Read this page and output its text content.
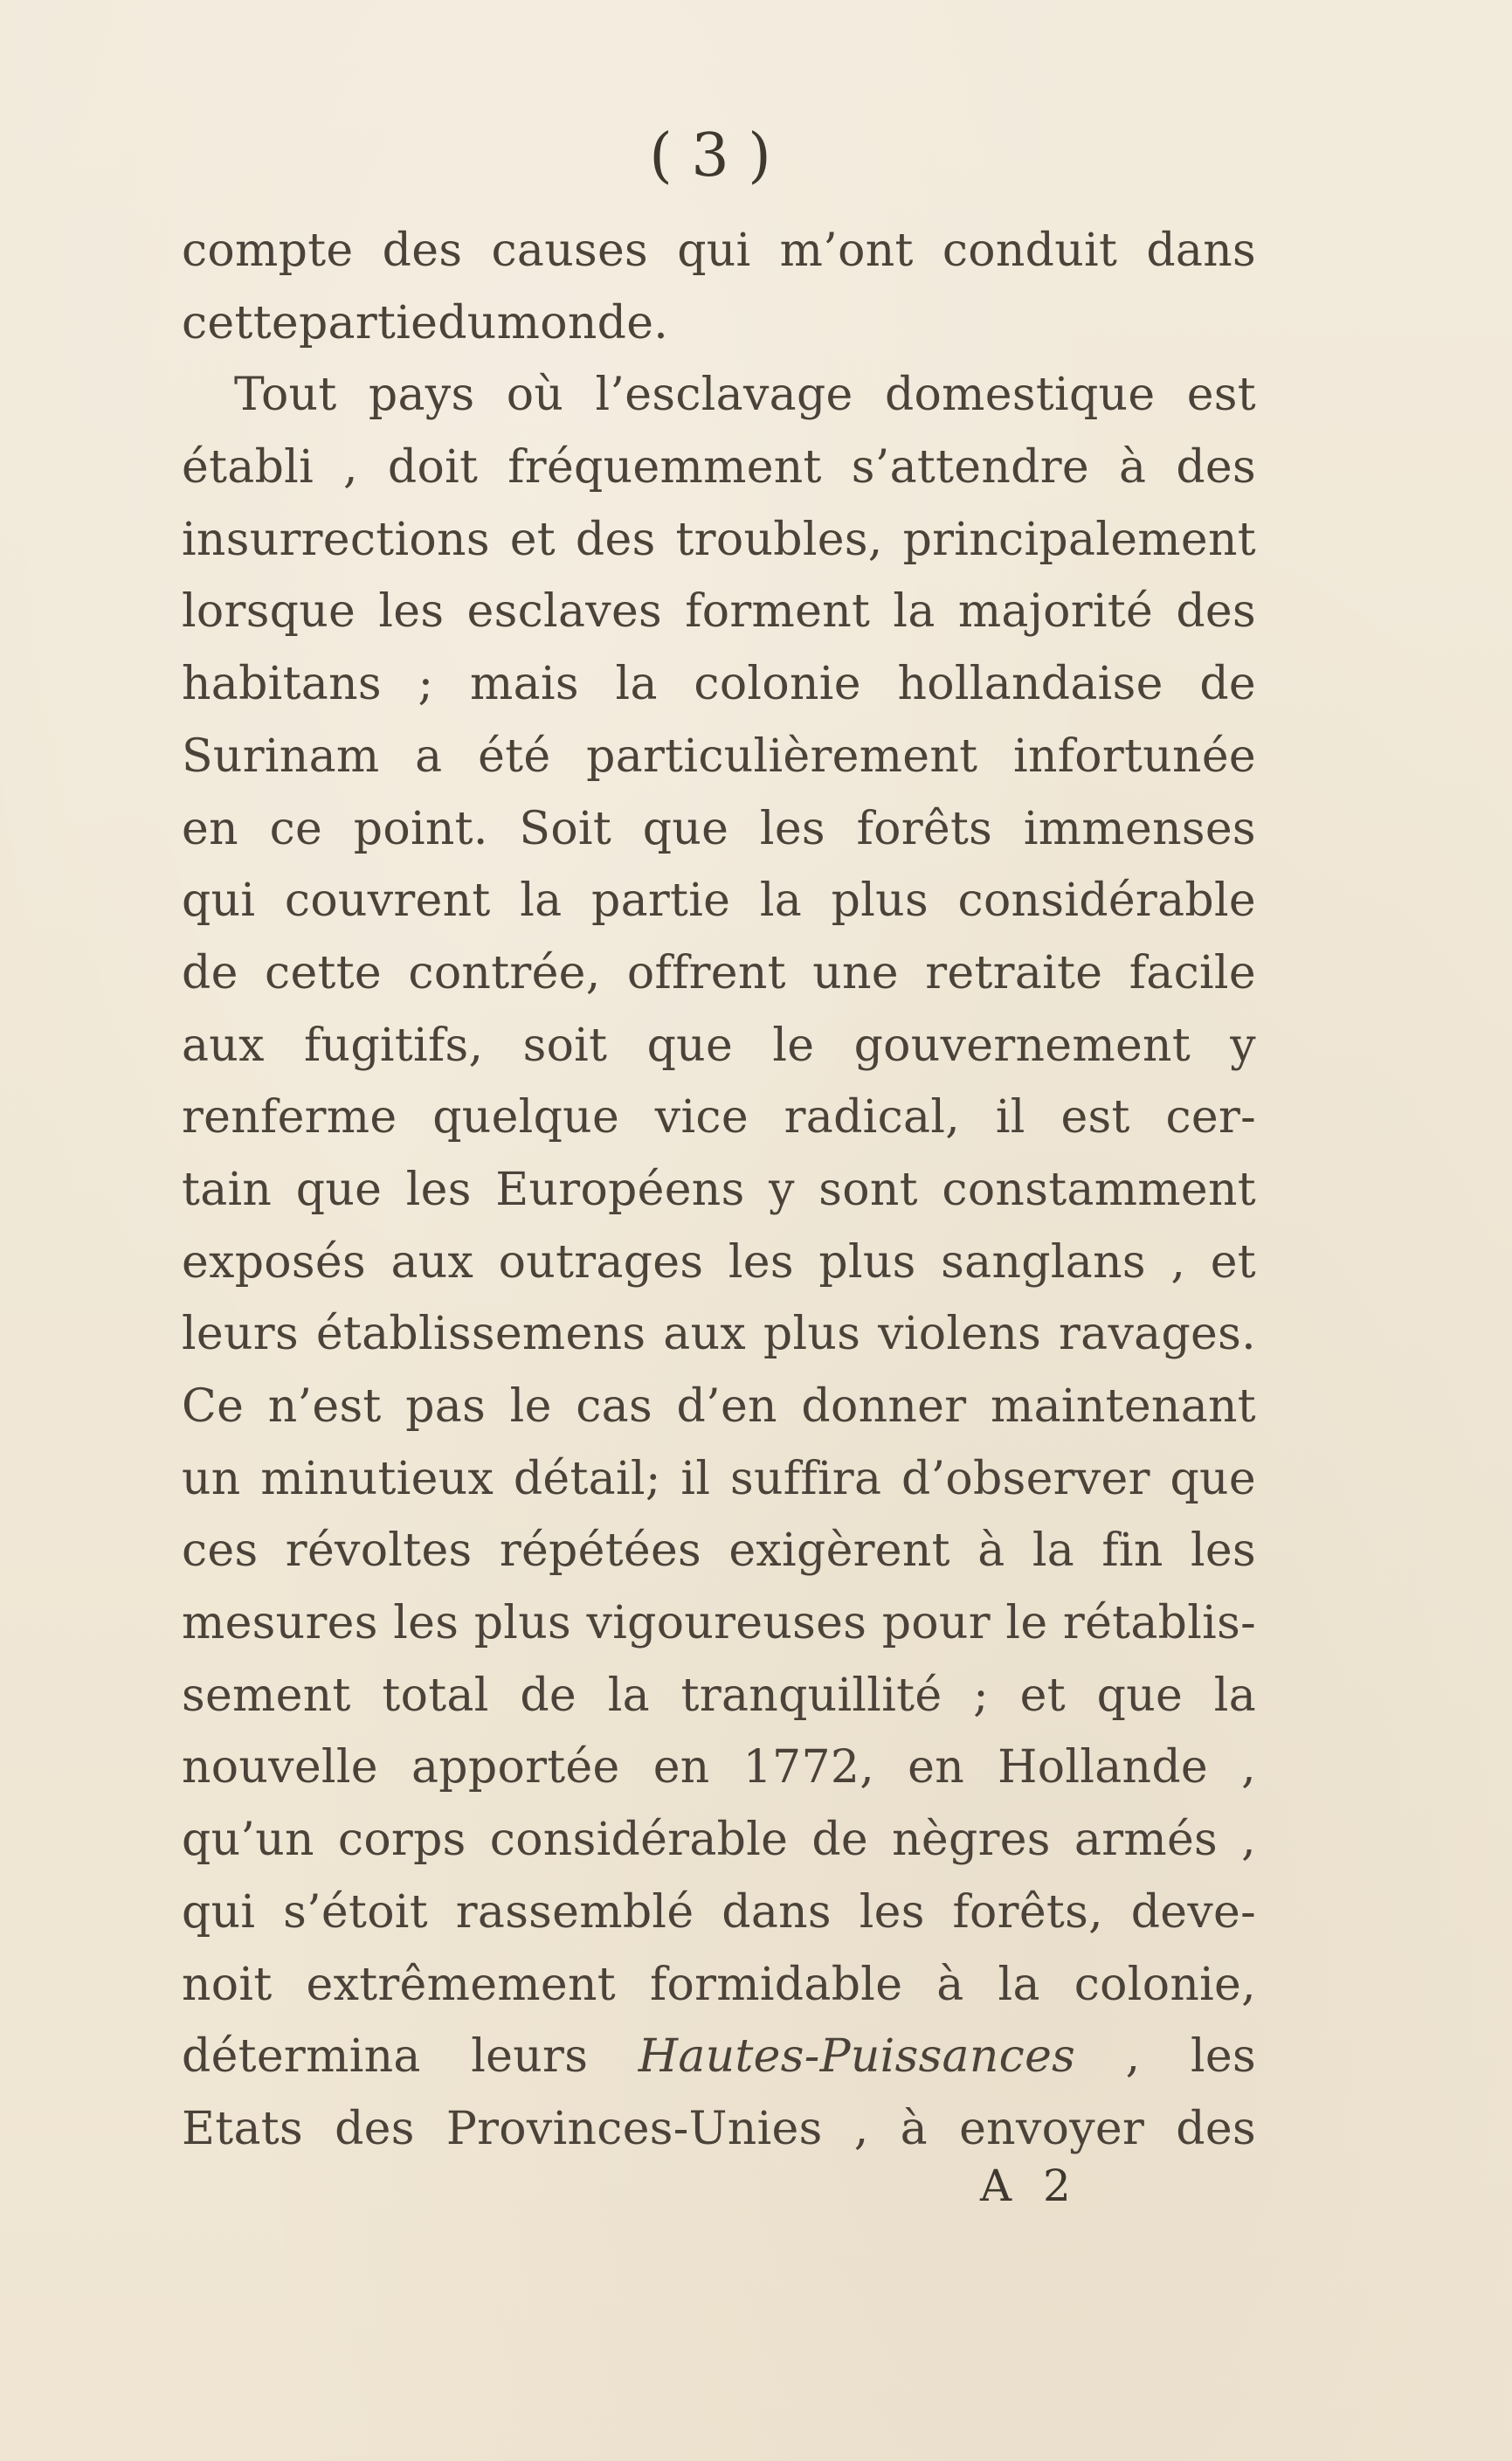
( 3 )
compte des causes qui m’ont conduit dans
cette partie du monde.
Tout pays où l’esclavage domestique est
établi , doit fréquemment s’attendre à des
insurrections et des troubles, principalement
lorsque les esclaves forment la majorité des
habitans ; mais la colonie hollandaise de
Surinam a été particulièrement infortunée
en ce point. Soit que les forêts immenses
qui couvrent la partie la plus considérable
de cette contrée, offrent une retraite facile
aux fugitifs, soit que le gouvernement y
renferme quelque vice radical, il est cer-
tain que les Européens y sont constamment
exposés aux outrages les plus sanglans , et
leurs établissemens aux plus violens ravages.
Ce n’est pas le cas d’en donner maintenant
un minutieux détail; il suffira d’observer que
ces révoltes répétées exigèrent à la fin les
mesures les plus vigoureuses pour le rétablis-
sement total de la tranquillité ; et que la
nouvelle apportée en 1772, en Hollande ,
qu’un corps considérable de nègres armés ,
qui s’étoit rassemblé dans les forêts, deve-
noit extrêmement formidable à la colonie,
détermina leurs Hautes-Puissances , les
Etats des Provinces-Unies , à envoyer des
A 2
